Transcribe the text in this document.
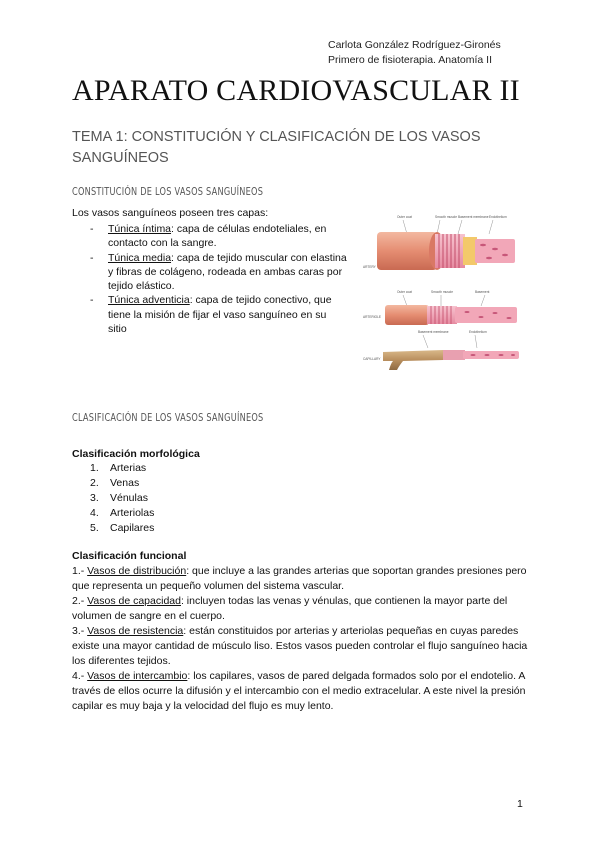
Carlota González Rodríguez-Gironés
Primero de fisioterapia. Anatomía II
APARATO CARDIOVASCULAR II
TEMA 1: CONSTITUCIÓN Y CLASIFICACIÓN DE LOS VASOS SANGUÍNEOS
CONSTITUCIÓN DE LOS VASOS SANGUÍNEOS
Los vasos sanguíneos poseen tres capas:
- Túnica íntima: capa de células endoteliales, en contacto con la sangre.
- Túnica media: capa de tejido muscular con elastina y fibras de colágeno, rodeada en ambas caras por tejido elástico.
- Túnica adventicia: capa de tejido conectivo, que tiene la misión de fijar el vaso sanguíneo en su sitio
Outer coat	Smooth muscle Basement membrane Endothelium
Outer coat	Smooth muscle	Basement
Basement membrane	Endothelium
ARTERY
ARTERIOLE
CAPILLARY
CLASIFICACIÓN DE LOS VASOS SANGUÍNEOS
Clasificación morfológica
1. Arterias
2. Venas
3. Vénulas
4. Arteriolas
5. Capilares
Clasificación funcional

1.- Vasos de distribución: que incluye a las grandes arterias que soportan grandes presiones pero que representa un pequeño volumen del sistema vascular.

2.- Vasos de capacidad: incluyen todas las venas y vénulas, que contienen la mayor parte del volumen de sangre en el cuerpo.

3.- Vasos de resistencia: están constituidos por arterias y arteriolas pequeñas en cuyas paredes existe una mayor cantidad de músculo liso. Estos vasos pueden controlar el flujo sanguíneo hacia los diferentes tejidos.

4.- Vasos de intercambio: los capilares, vasos de pared delgada formados solo por el endotelio. A través de ellos ocurre la difusión y el intercambio con el medio extracelular. A este nivel la presión capilar es muy baja y la velocidad del flujo es muy lento.

1
